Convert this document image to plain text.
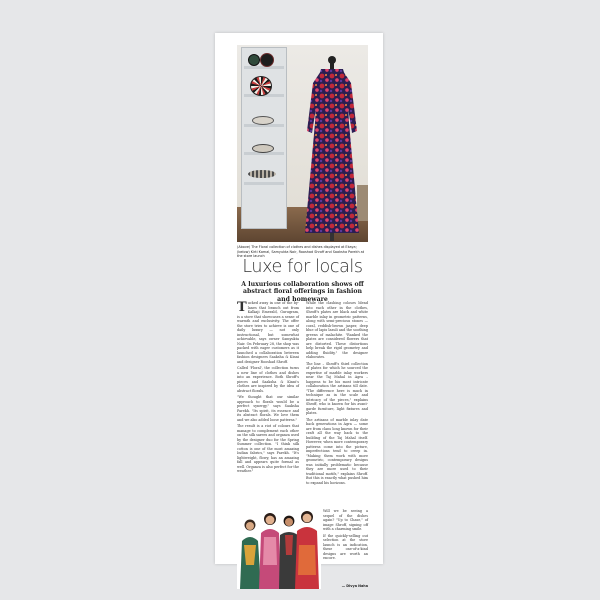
(Above) The Floral collection of clothes and dishes displayed at Ekaya; (below) Kirti Kamal, Samyukta Nair, Rooshad Shroff and Saaksha Parekh at the store launch
Luxe for locals
A luxurious collaboration shows off abstract floral offerings in fashion and homeware

Tucked away in one of the by-lanes that branch out from Kalkaji Emerald, Gurugram, is a store that showcases a sense of warmth and exclusivity. The offer the store tries to achieve is one of daily luxury — not only instructional, but somewhat achievable, says owner Samyukta Nair. On February 28, the shop was packed with eager customers as it launched a collaboration between fashion designers Saaksha & Kinni and designer Rooshad Shroff.

Called 'Floral', the collection turns a new line of clothes and dishes into an experience. Both Shroff's pieces and Saaksha & Kinni's clothes are inspired by the idea of abstract florals.

"We thought that our similar approach to florals would be a perfect synergy," says Saaksha Parekh. "Its spirit, its essence and its abstract florals. We love them and we also added loose patterns."

The result is a riot of colours that manage to complement each other on the silk sarees and organza used by the designer duo for the Spring Summer collection. "I think silk cotton is one of the most amazing Indian fabrics," says Parekh. "It's lightweight, flowy, has an amazing fall and appears quite formal as well. Organza is also perfect for the weather."

While the clashing colours blend into each other in the clothes, Shroff's plates are black and white marble inlay in geometric patterns, along with semi-precious stones — coral, reddish-brown jasper, deep blue of lapis lazuli and the soothing greens of malachite. "Ranked the plates are considered flowers that are distorted. These distortions help break the rigid geometry and adding fluidity," the designer elaborates.

The line – Shroff's third collection of plates for which he sourced the expertise of marble inlay workers near the Taj Mahal in Agra – happens to be his most intricate collaboration the artisans till date. "The difference here is much in technique as in the scale and intricacy of the pieces," explains Shroff, who is known for his avant-garde furniture, light fixtures and plates.

The artisans of marble inlay date back generations in Agra — some are from clans long known for their craft all the way back to the building of the Taj Mahal itself. However, when more contemporary patterns come into the picture, imperfections tend to creep in. "Making them work with more geometric, contemporary designs was initially problematic because they are more used to their traditional motifs," explains Shroff. But this is exactly what pushed him to expand his horizons.

Will we be seeing a sequel of the dishes again? "Up to Chase," of image Shroff, signing off with a charming smile.

If the quickly-selling out selection at the store launch is an indication, these one-of-a-kind designs are worth an encore.

— Divya Naha
